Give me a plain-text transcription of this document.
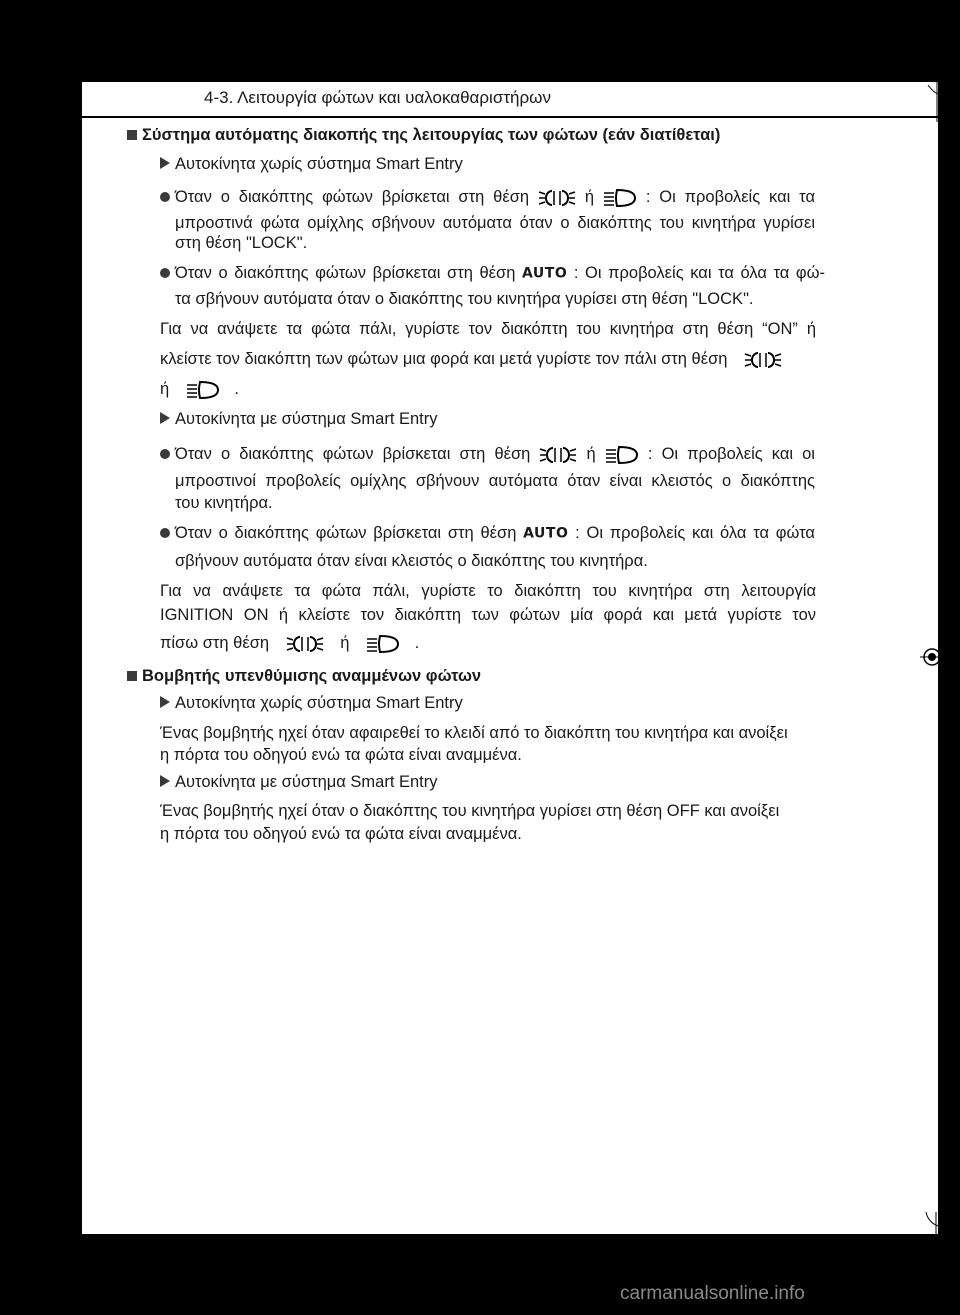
4-3. Λειτουργία φώτων και υαλοκαθαριστήρων
Σύστημα αυτόματης διακοπής της λειτουργίας των φώτων (εάν διατίθεται)
Αυτοκίνητα χωρίς σύστημα Smart Entry
Όταν ο διακόπτης φώτων βρίσκεται στη θέση	ή	: Οι προβολείς και τα
μπροστινά φώτα ομίχλης σβήνουν αυτόματα όταν ο διακόπτης του κινητήρα γυρίσει
στη θέση "LOCK".
Όταν ο διακόπτης φώτων βρίσκεται στη θέση AUTO : Οι προβολείς και τα όλα τα φώ-
τα σβήνουν αυτόματα όταν ο διακόπτης του κινητήρα γυρίσει στη θέση "LOCK".
Για να ανάψετε τα φώτα πάλι, γυρίστε τον διακόπτη του κινητήρα στη θέση “ON” ή
κλείστε τον διακόπτη των φώτων μια φορά και μετά γυρίστε τον πάλι στη θέση
ή	.
Αυτοκίνητα με σύστημα Smart Entry
Όταν ο διακόπτης φώτων βρίσκεται στη θέση	ή	: Οι προβολείς και οι
μπροστινοί προβολείς ομίχλης σβήνουν αυτόματα όταν είναι κλειστός ο διακόπτης
του κινητήρα.
Όταν ο διακόπτης φώτων βρίσκεται στη θέση AUTO : Οι προβολείς και όλα τα φώτα
σβήνουν αυτόματα όταν είναι κλειστός ο διακόπτης του κινητήρα.
Για να ανάψετε τα φώτα πάλι, γυρίστε το διακόπτη του κινητήρα στη λειτουργία
IGNITION ON ή κλείστε τον διακόπτη των φώτων μία φορά και μετά γυρίστε τον
πίσω στη θέση	ή	.
Βομβητής υπενθύμισης αναμμένων φώτων
Αυτοκίνητα χωρίς σύστημα Smart Entry
Ένας βομβητής ηχεί όταν αφαιρεθεί το κλειδί από το διακόπτη του κινητήρα και ανοίξει
η πόρτα του οδηγού ενώ τα φώτα είναι αναμμένα.
Αυτοκίνητα με σύστημα Smart Entry
Ένας βομβητής ηχεί όταν ο διακόπτης του κινητήρα γυρίσει στη θέση OFF και ανοίξει
η πόρτα του οδηγού ενώ τα φώτα είναι αναμμένα.
carmanualsonline.info
